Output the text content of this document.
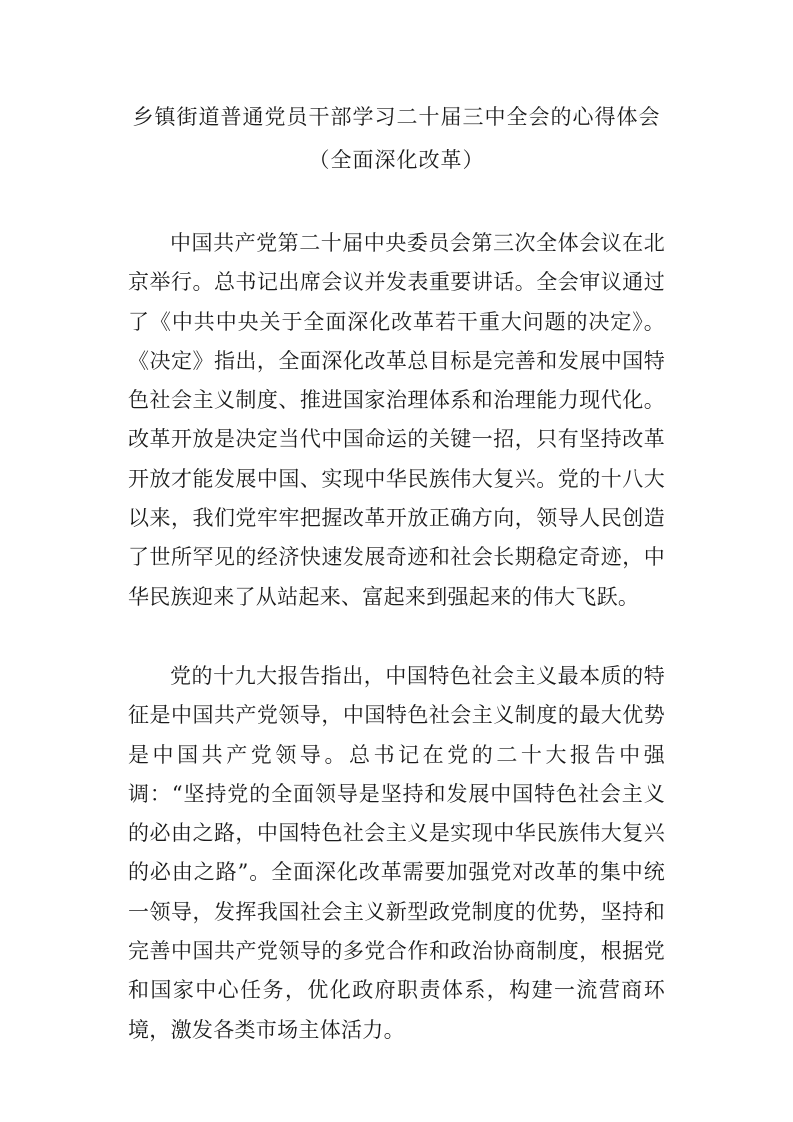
乡镇街道普通党员干部学习二十届三中全会的心得体会（全面深化改革）

中国共产党第二十届中央委员会第三次全体会议在北京举行。总书记出席会议并发表重要讲话。全会审议通过了《中共中央关于全面深化改革若干重大问题的决定》。《决定》指出，全面深化改革总目标是完善和发展中国特色社会主义制度、推进国家治理体系和治理能力现代化。改革开放是决定当代中国命运的关键一招，只有坚持改革开放才能发展中国、实现中华民族伟大复兴。党的十八大以来，我们党牢牢把握改革开放正确方向，领导人民创造了世所罕见的经济快速发展奇迹和社会长期稳定奇迹，中华民族迎来了从站起来、富起来到强起来的伟大飞跃。

党的十九大报告指出，中国特色社会主义最本质的特征是中国共产党领导，中国特色社会主义制度的最大优势是中国共产党领导。总书记在党的二十大报告中强调：“坚持党的全面领导是坚持和发展中国特色社会主义的必由之路，中国特色社会主义是实现中华民族伟大复兴的必由之路”。全面深化改革需要加强党对改革的集中统一领导，发挥我国社会主义新型政党制度的优势，坚持和完善中国共产党领导的多党合作和政治协商制度，根据党和国家中心任务，优化政府职责体系，构建一流营商环境，激发各类市场主体活力。
